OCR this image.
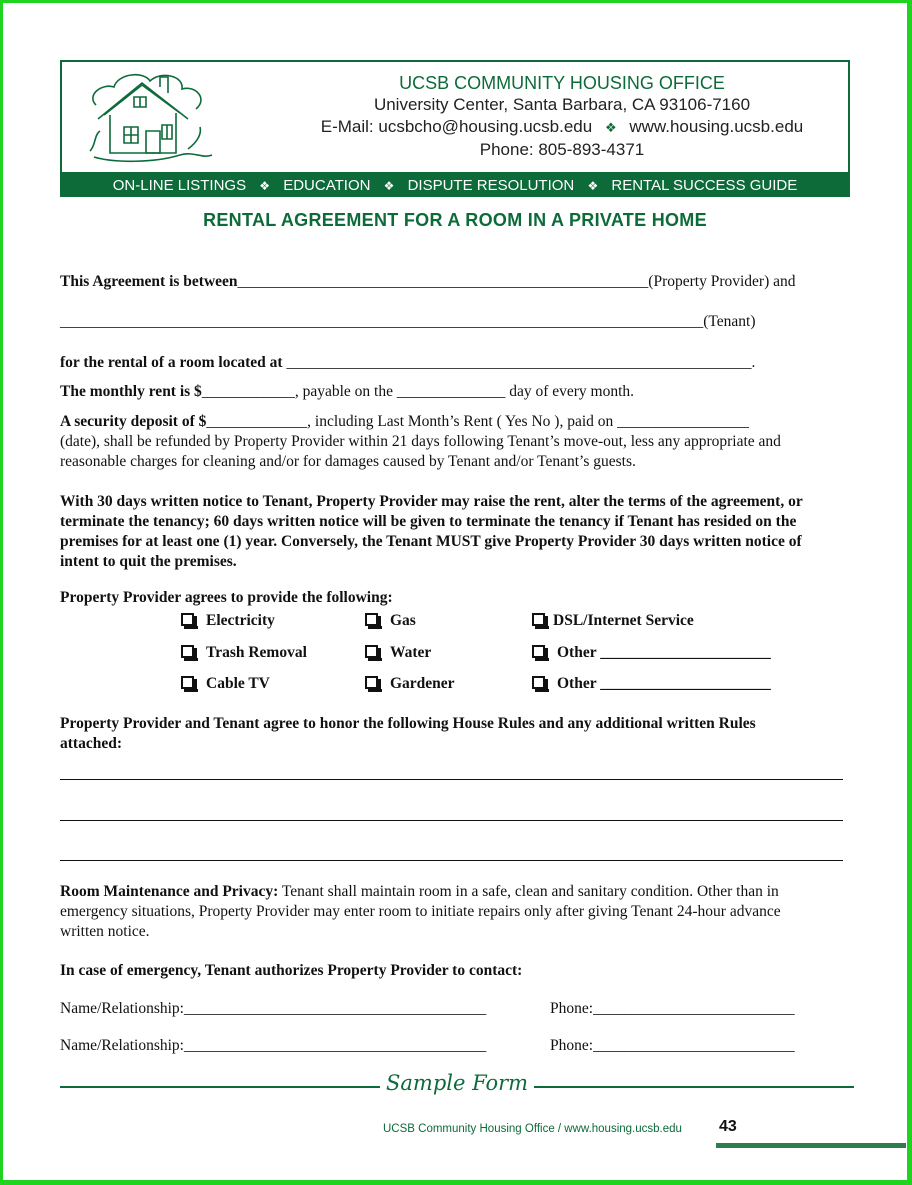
UCSB COMMUNITY HOUSING OFFICE
University Center, Santa Barbara, CA 93106-7160
E-Mail: ucsbcho@housing.ucsb.edu ❖ www.housing.ucsb.edu
Phone: 805-893-4371
ON-LINE LISTINGS ❖ EDUCATION ❖ DISPUTE RESOLUTION ❖ RENTAL SUCCESS GUIDE
RENTAL AGREEMENT FOR A ROOM IN A PRIVATE HOME
This Agreement is between_____________________________________________________(Property Provider) and
___________________________________________________________________________________(Tenant)
for the rental of a room located at ____________________________________________________________.
The monthly rent is $____________, payable on the ______________ day of every month.
A security deposit of $_____________, including Last Month’s Rent ( Yes No ), paid on _________________
(date), shall be refunded by Property Provider within 21 days following Tenant’s move-out, less any appropriate and
reasonable charges for cleaning and/or for damages caused by Tenant and/or Tenant’s guests.
With 30 days written notice to Tenant, Property Provider may raise the rent, alter the terms of the agreement, or
terminate the tenancy; 60 days written notice will be given to terminate the tenancy if Tenant has resided on the
premises for at least one (1) year. Conversely, the Tenant MUST give Property Provider 30 days written notice of
intent to quit the premises.
Property Provider agrees to provide the following:
Electricity
Trash Removal
Cable TV
Gas
Water
Gardener
DSL/Internet Service
Other ______________________
Other ______________________
Property Provider and Tenant agree to honor the following House Rules and any additional written Rules
attached:
Room Maintenance and Privacy: Tenant shall maintain room in a safe, clean and sanitary condition. Other than in
emergency situations, Property Provider may enter room to initiate repairs only after giving Tenant 24-hour advance
written notice.
In case of emergency, Tenant authorizes Property Provider to contact:
Name/Relationship:_______________________________________	Phone:__________________________
Name/Relationship:_______________________________________	Phone:__________________________
Sample Form
UCSB Community Housing Office / www.housing.ucsb.edu 43
